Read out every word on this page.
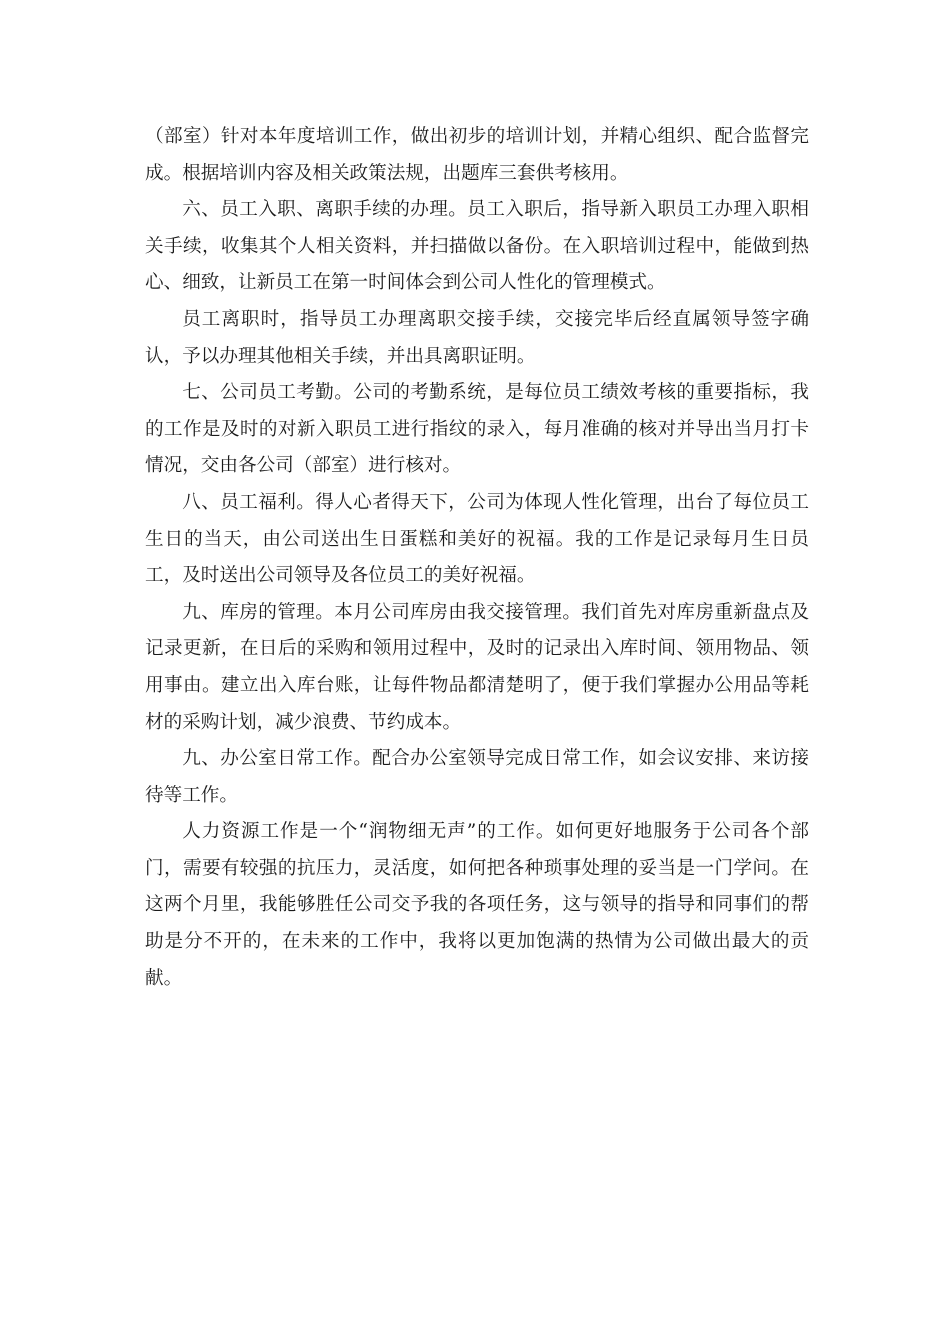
（部室）针对本年度培训工作，做出初步的培训计划，并精心组织、配合监督完成。根据培训内容及相关政策法规，出题库三套供考核用。

六、员工入职、离职手续的办理。员工入职后，指导新入职员工办理入职相关手续，收集其个人相关资料，并扫描做以备份。在入职培训过程中，能做到热心、细致，让新员工在第一时间体会到公司人性化的管理模式。

员工离职时，指导员工办理离职交接手续，交接完毕后经直属领导签字确认，予以办理其他相关手续，并出具离职证明。

七、公司员工考勤。公司的考勤系统，是每位员工绩效考核的重要指标，我的工作是及时的对新入职员工进行指纹的录入，每月准确的核对并导出当月打卡情况，交由各公司（部室）进行核对。

八、员工福利。得人心者得天下，公司为体现人性化管理，出台了每位员工生日的当天，由公司送出生日蛋糕和美好的祝福。我的工作是记录每月生日员工，及时送出公司领导及各位员工的美好祝福。

九、库房的管理。本月公司库房由我交接管理。我们首先对库房重新盘点及记录更新，在日后的采购和领用过程中，及时的记录出入库时间、领用物品、领用事由。建立出入库台账，让每件物品都清楚明了，便于我们掌握办公用品等耗材的采购计划，减少浪费、节约成本。

九、办公室日常工作。配合办公室领导完成日常工作，如会议安排、来访接待等工作。

人力资源工作是一个“润物细无声”的工作。如何更好地服务于公司各个部门，需要有较强的抗压力，灵活度，如何把各种琐事处理的妥当是一门学问。在这两个月里，我能够胜任公司交予我的各项任务，这与领导的指导和同事们的帮助是分不开的，在未来的工作中，我将以更加饱满的热情为公司做出最大的贡献。
